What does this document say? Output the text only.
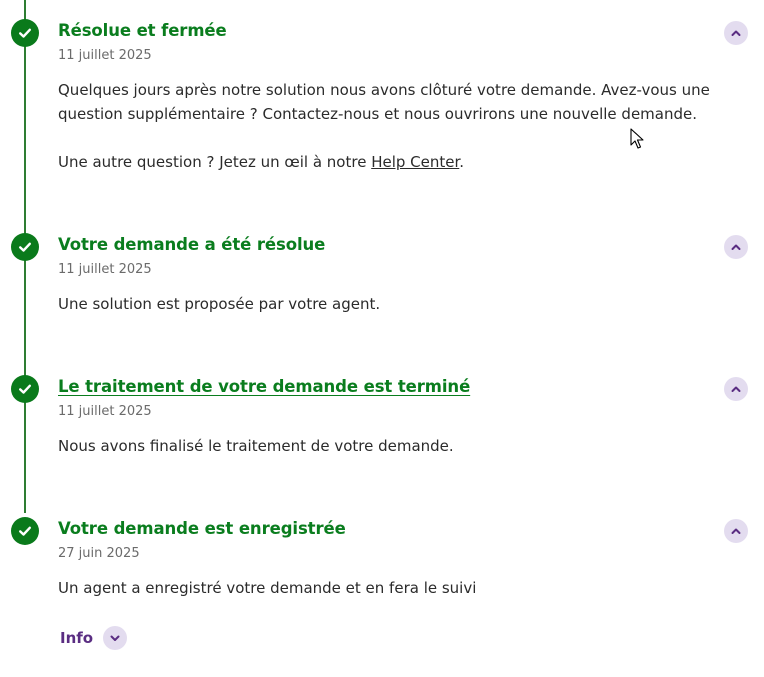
Résolue et fermée
11 juillet 2025
Quelques jours après notre solution nous avons clôturé votre demande. Avez-vous une question supplémentaire ? Contactez-nous et nous ouvrirons une nouvelle demande.
Une autre question ? Jetez un œil à notre Help Center.
Votre demande a été résolue
11 juillet 2025
Une solution est proposée par votre agent.
Le traitement de votre demande est terminé
11 juillet 2025
Nous avons finalisé le traitement de votre demande.
Votre demande est enregistrée
27 juin 2025
Un agent a enregistré votre demande et en fera le suivi
Info
